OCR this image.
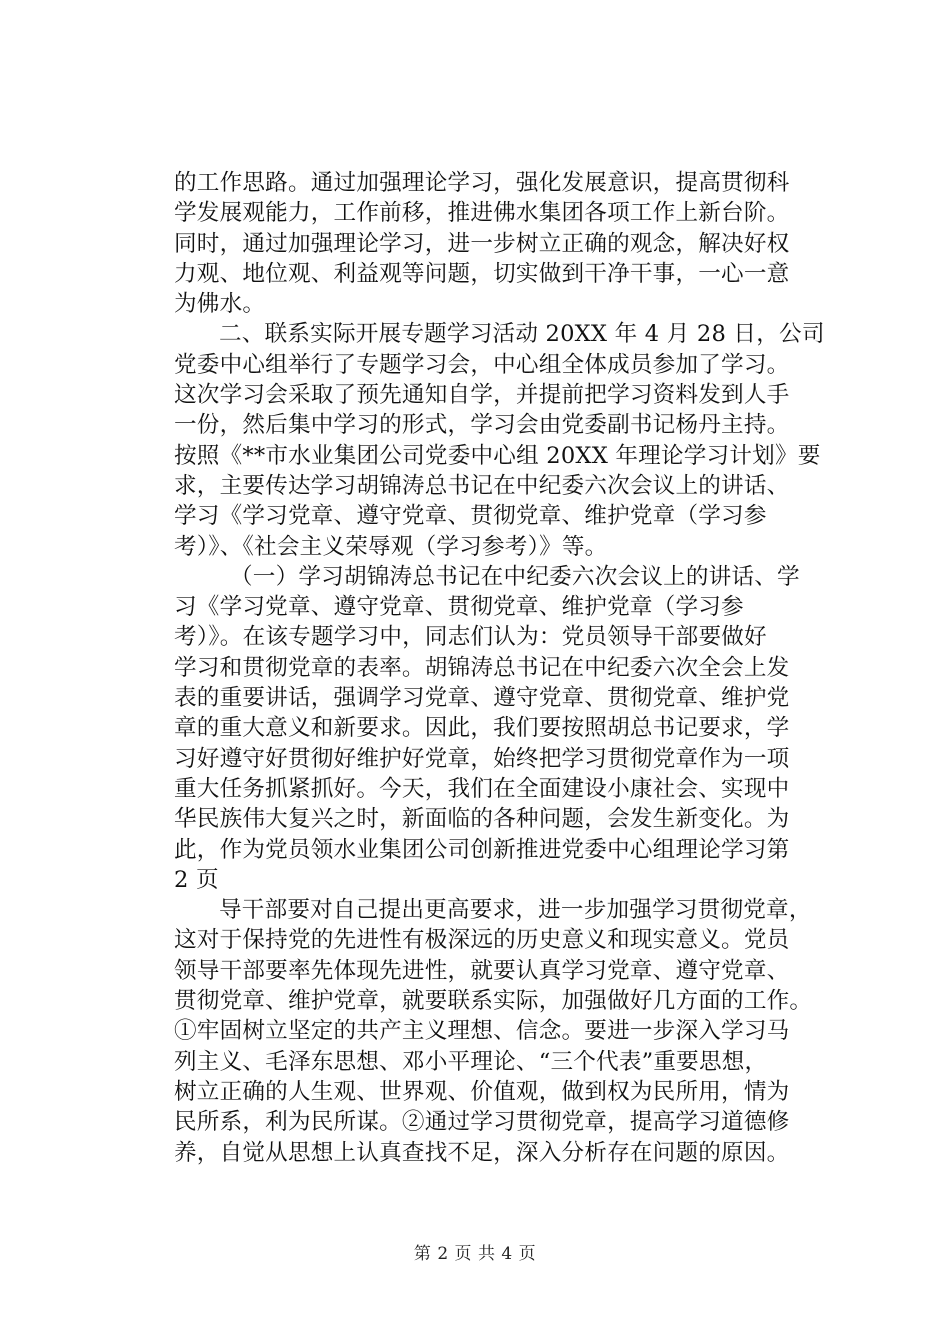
的工作思路。通过加强理论学习，强化发展意识，提高贯彻科
学发展观能力，工作前移，推进佛水集团各项工作上新台阶。
同时，通过加强理论学习，进一步树立正确的观念，解决好权
力观、地位观、利益观等问题，切实做到干净干事，一心一意
为佛水。
二、联系实际开展专题学习活动 20XX 年 4 月 28 日，公司
党委中心组举行了专题学习会，中心组全体成员参加了学习。
这次学习会采取了预先通知自学，并提前把学习资料发到人手
一份，然后集中学习的形式，学习会由党委副书记杨丹主持。
按照《**市水业集团公司党委中心组 20XX 年理论学习计划》要
求，主要传达学习胡锦涛总书记在中纪委六次会议上的讲话、
学习《学习党章、遵守党章、贯彻党章、维护党章（学习参
考）》、《社会主义荣辱观（学习参考）》等。
（一）学习胡锦涛总书记在中纪委六次会议上的讲话、学
习《学习党章、遵守党章、贯彻党章、维护党章（学习参
考）》。在该专题学习中，同志们认为：党员领导干部要做好
学习和贯彻党章的表率。胡锦涛总书记在中纪委六次全会上发
表的重要讲话，强调学习党章、遵守党章、贯彻党章、维护党
章的重大意义和新要求。因此，我们要按照胡总书记要求，学
习好遵守好贯彻好维护好党章，始终把学习贯彻党章作为一项
重大任务抓紧抓好。今天，我们在全面建设小康社会、实现中
华民族伟大复兴之时，新面临的各种问题，会发生新变化。为
此，作为党员领水业集团公司创新推进党委中心组理论学习第
2 页
导干部要对自己提出更高要求，进一步加强学习贯彻党章，
这对于保持党的先进性有极深远的历史意义和现实意义。党员
领导干部要率先体现先进性，就要认真学习党章、遵守党章、
贯彻党章、维护党章，就要联系实际，加强做好几方面的工作。
①牢固树立坚定的共产主义理想、信念。要进一步深入学习马
列主义、毛泽东思想、邓小平理论、“三个代表”重要思想，
树立正确的人生观、世界观、价值观，做到权为民所用，情为
民所系，利为民所谋。②通过学习贯彻党章，提高学习道德修
养，自觉从思想上认真查找不足，深入分析存在问题的原因。
第 2 页 共 4 页
